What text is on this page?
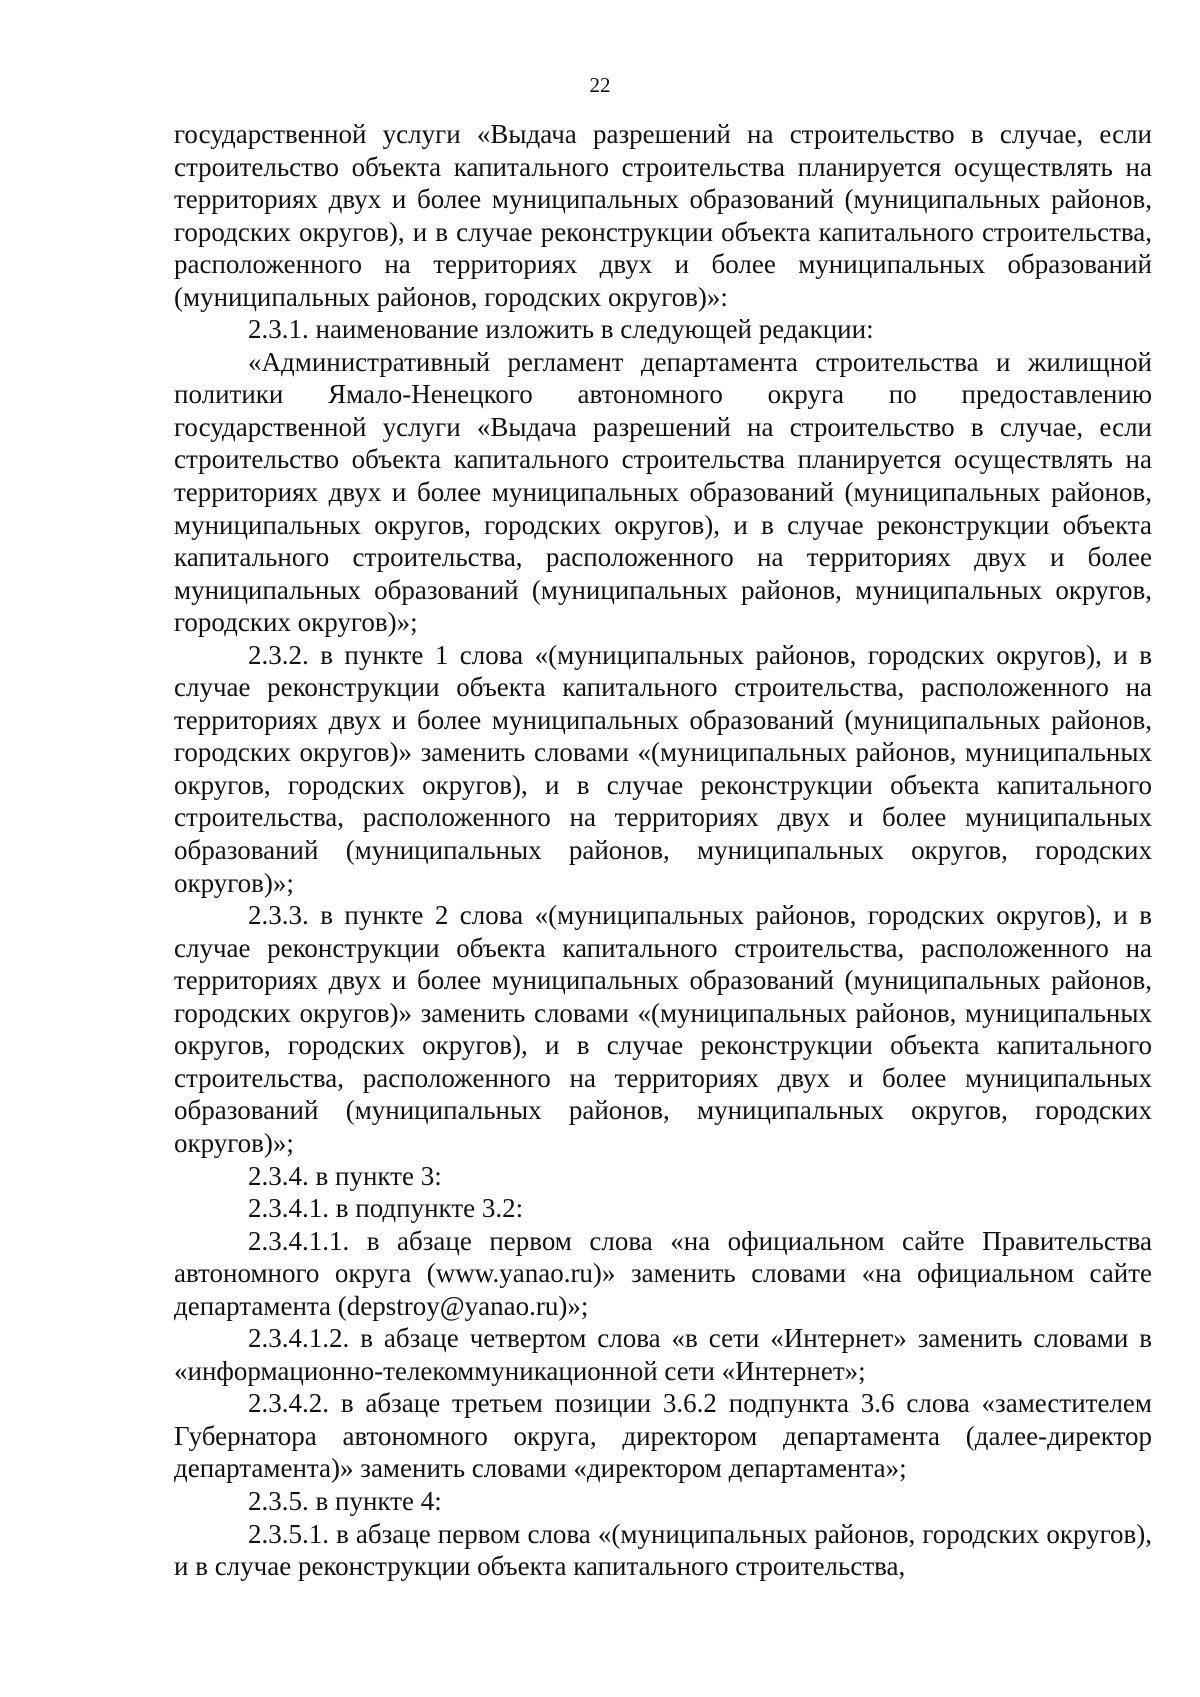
22

государственной услуги «Выдача разрешений на строительство в случае, если строительство объекта капитального строительства планируется осуществлять на территориях двух и более муниципальных образований (муниципальных районов, городских округов), и в случае реконструкции объекта капитального строительства, расположенного на территориях двух и более муниципальных образований (муниципальных районов, городских округов)»:

2.3.1. наименование изложить в следующей редакции:

«Административный регламент департамента строительства и жилищной политики Ямало-Ненецкого автономного округа по предоставлению государственной услуги «Выдача разрешений на строительство в случае, если строительство объекта капитального строительства планируется осуществлять на территориях двух и более муниципальных образований (муниципальных районов, муниципальных округов, городских округов), и в случае реконструкции объекта капитального строительства, расположенного на территориях двух и более муниципальных образований (муниципальных районов, муниципальных округов, городских округов)»;

2.3.2. в пункте 1 слова «(муниципальных районов, городских округов), и в случае реконструкции объекта капитального строительства, расположенного на территориях двух и более муниципальных образований (муниципальных районов, городских округов)» заменить словами «(муниципальных районов, муниципальных округов, городских округов), и в случае реконструкции объекта капитального строительства, расположенного на территориях двух и более муниципальных образований (муниципальных районов, муниципальных округов, городских округов)»;

2.3.3. в пункте 2 слова «(муниципальных районов, городских округов), и в случае реконструкции объекта капитального строительства, расположенного на территориях двух и более муниципальных образований (муниципальных районов, городских округов)» заменить словами «(муниципальных районов, муниципальных округов, городских округов), и в случае реконструкции объекта капитального строительства, расположенного на территориях двух и более муниципальных образований (муниципальных районов, муниципальных округов, городских округов)»;

2.3.4. в пункте 3:

2.3.4.1. в подпункте 3.2:

2.3.4.1.1. в абзаце первом слова «на официальном сайте Правительства автономного округа (www.yanao.ru)» заменить словами «на официальном сайте департамента (depstroy@yanao.ru)»;

2.3.4.1.2. в абзаце четвертом слова «в сети «Интернет» заменить словами в «информационно-телекоммуникационной сети «Интернет»;

2.3.4.2. в абзаце третьем позиции 3.6.2 подпункта 3.6 слова «заместителем Губернатора автономного округа, директором департамента (далее-директор департамента)» заменить словами «директором департамента»;

2.3.5. в пункте 4:

2.3.5.1. в абзаце первом слова «(муниципальных районов, городских округов), и в случае реконструкции объекта капитального строительства,
